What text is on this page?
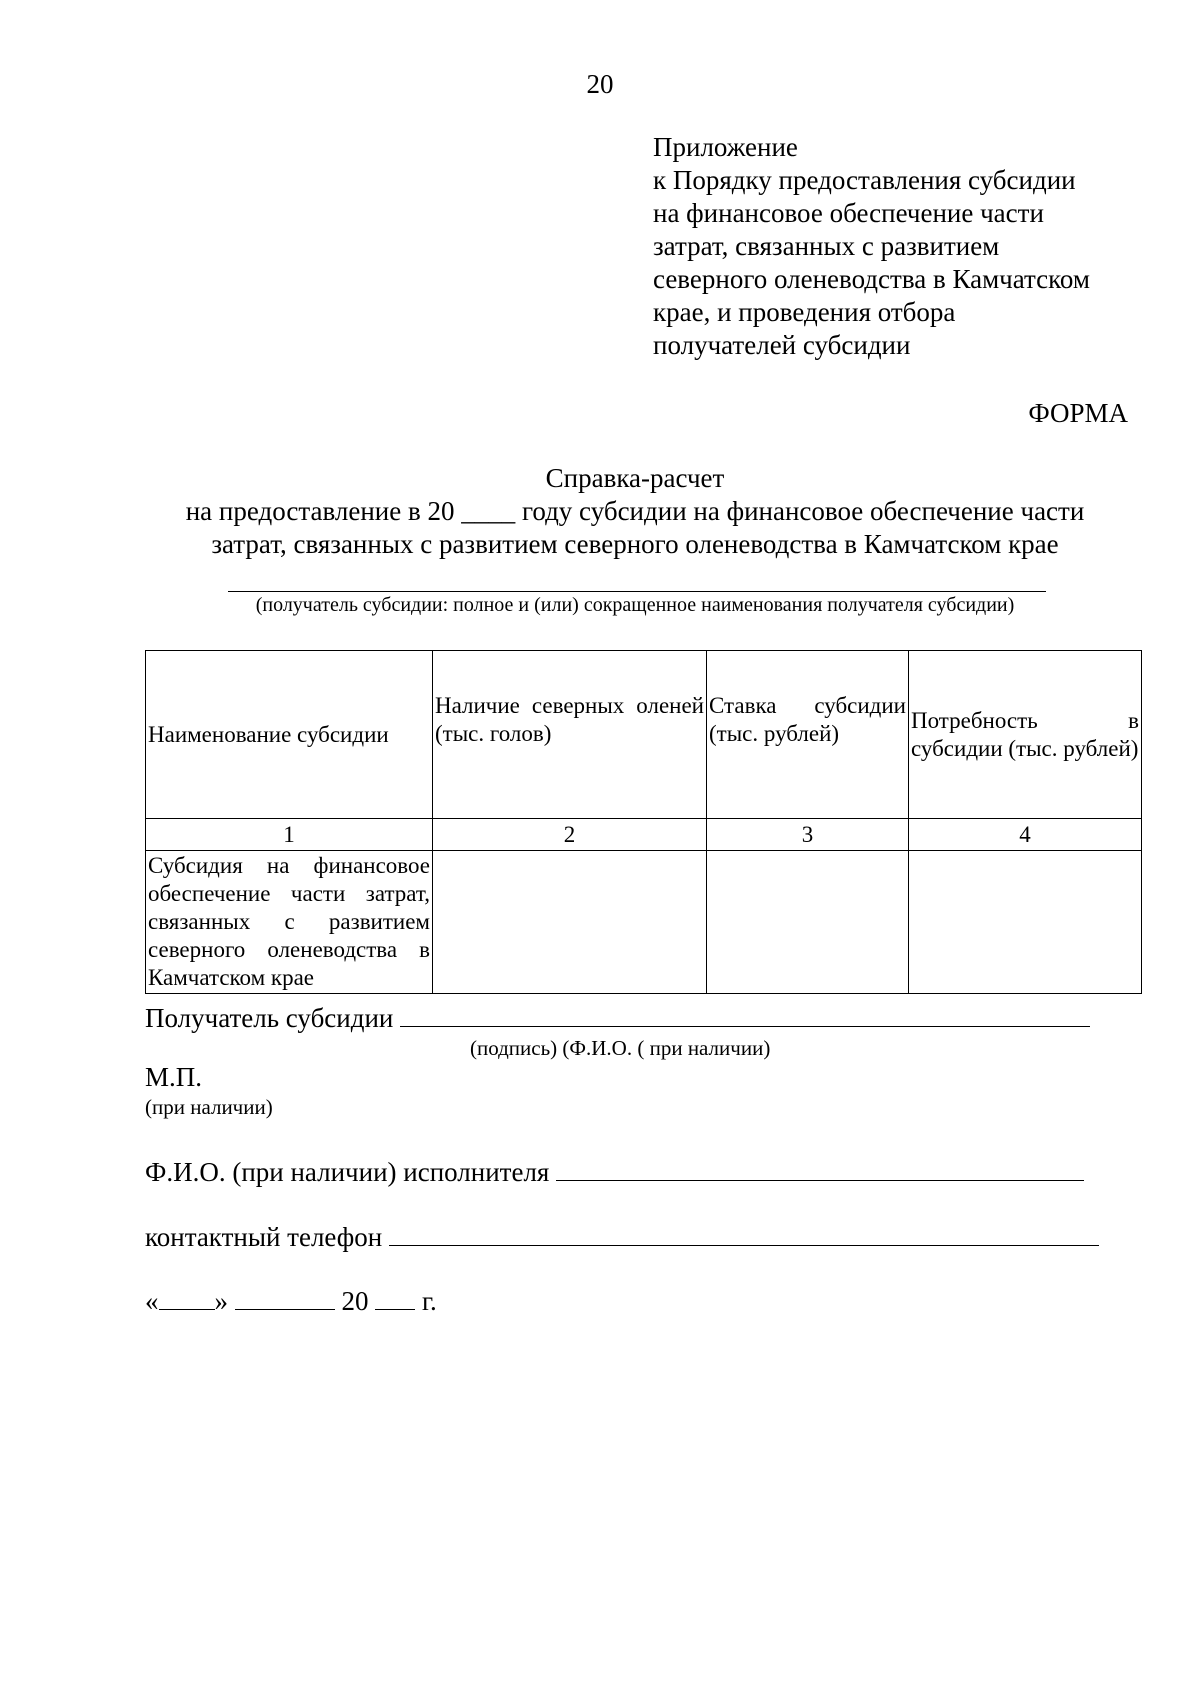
20
Приложение
к Порядку предоставления субсидии
на финансовое обеспечение части
затрат, связанных с развитием
северного оленеводства в Камчатском
крае, и проведения отбора
получателей субсидии
ФОРМА
Справка-расчет
на предоставление в 20 ____ году субсидии на финансовое обеспечение части
затрат, связанных с развитием северного оленеводства в Камчатском крае
(получатель субсидии: полное и (или) сокращенное наименования получателя субсидии)
Наименование субсидии	Наличие северных оленей (тыс. голов)	Ставка субсидии (тыс. рублей)	Потребность в субсидии (тыс. рублей)
1	2	3	4
Субсидия на финансовое обеспечение части затрат, связанных с развитием северного оленеводства в Камчатском крае			
Получатель субсидии
(подпись) (Ф.И.О. ( при наличии)
М.П.
(при наличии)
Ф.И.О. (при наличии) исполнителя
контактный телефон
« »	20 г.
